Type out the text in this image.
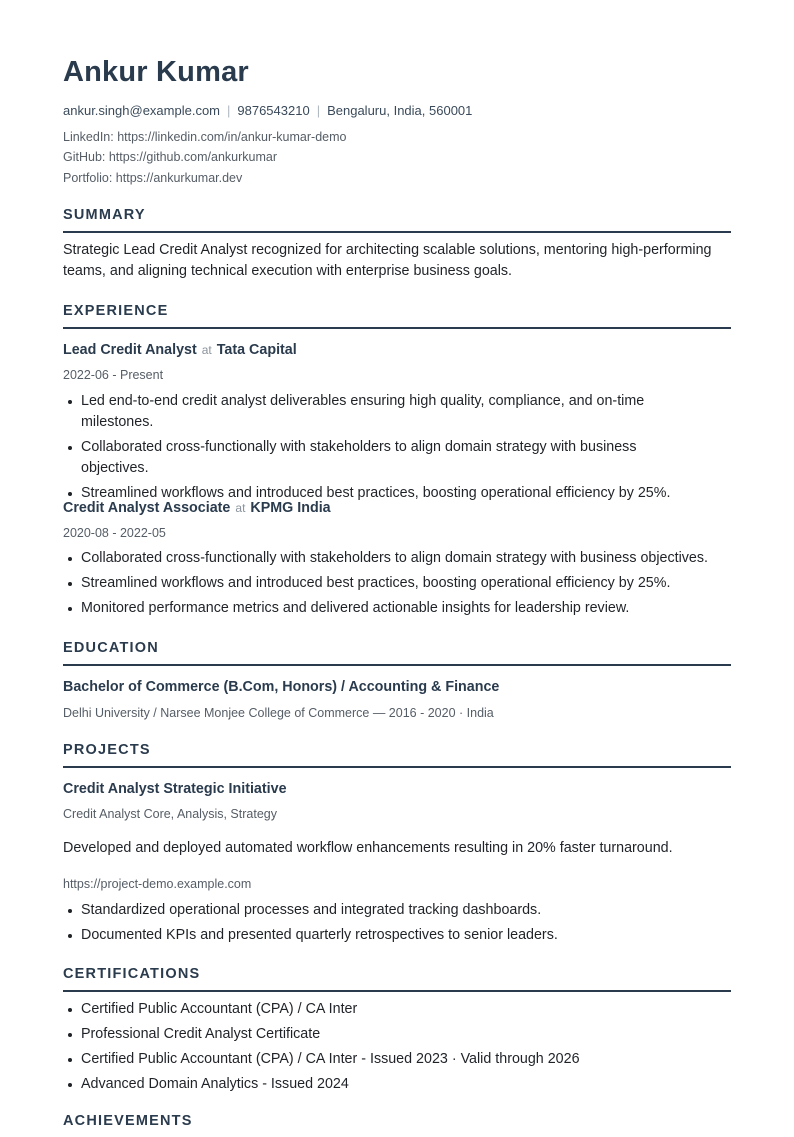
Ankur Kumar
ankur.singh@example.com | 9876543210 | Bengaluru, India, 560001
LinkedIn: https://linkedin.com/in/ankur-kumar-demo
GitHub: https://github.com/ankurkumar
Portfolio: https://ankurkumar.dev
SUMMARY
Strategic Lead Credit Analyst recognized for architecting scalable solutions, mentoring high-performing teams, and aligning technical execution with enterprise business goals.
EXPERIENCE
Lead Credit Analyst at Tata Capital
2022-06 - Present
Led end-to-end credit analyst deliverables ensuring high quality, compliance, and on-time milestones.
Collaborated cross-functionally with stakeholders to align domain strategy with business objectives.
Streamlined workflows and introduced best practices, boosting operational efficiency by 25%.
Credit Analyst Associate at KPMG India
2020-08 - 2022-05
Collaborated cross-functionally with stakeholders to align domain strategy with business objectives.
Streamlined workflows and introduced best practices, boosting operational efficiency by 25%.
Monitored performance metrics and delivered actionable insights for leadership review.
EDUCATION
Bachelor of Commerce (B.Com, Honors) / Accounting & Finance
Delhi University / Narsee Monjee College of Commerce — 2016 - 2020 · India
PROJECTS
Credit Analyst Strategic Initiative
Credit Analyst Core, Analysis, Strategy
Developed and deployed automated workflow enhancements resulting in 20% faster turnaround.
https://project-demo.example.com
Standardized operational processes and integrated tracking dashboards.
Documented KPIs and presented quarterly retrospectives to senior leaders.
CERTIFICATIONS
Certified Public Accountant (CPA) / CA Inter
Professional Credit Analyst Certificate
Certified Public Accountant (CPA) / CA Inter - Issued 2023 · Valid through 2026
Advanced Domain Analytics - Issued 2024
ACHIEVEMENTS
